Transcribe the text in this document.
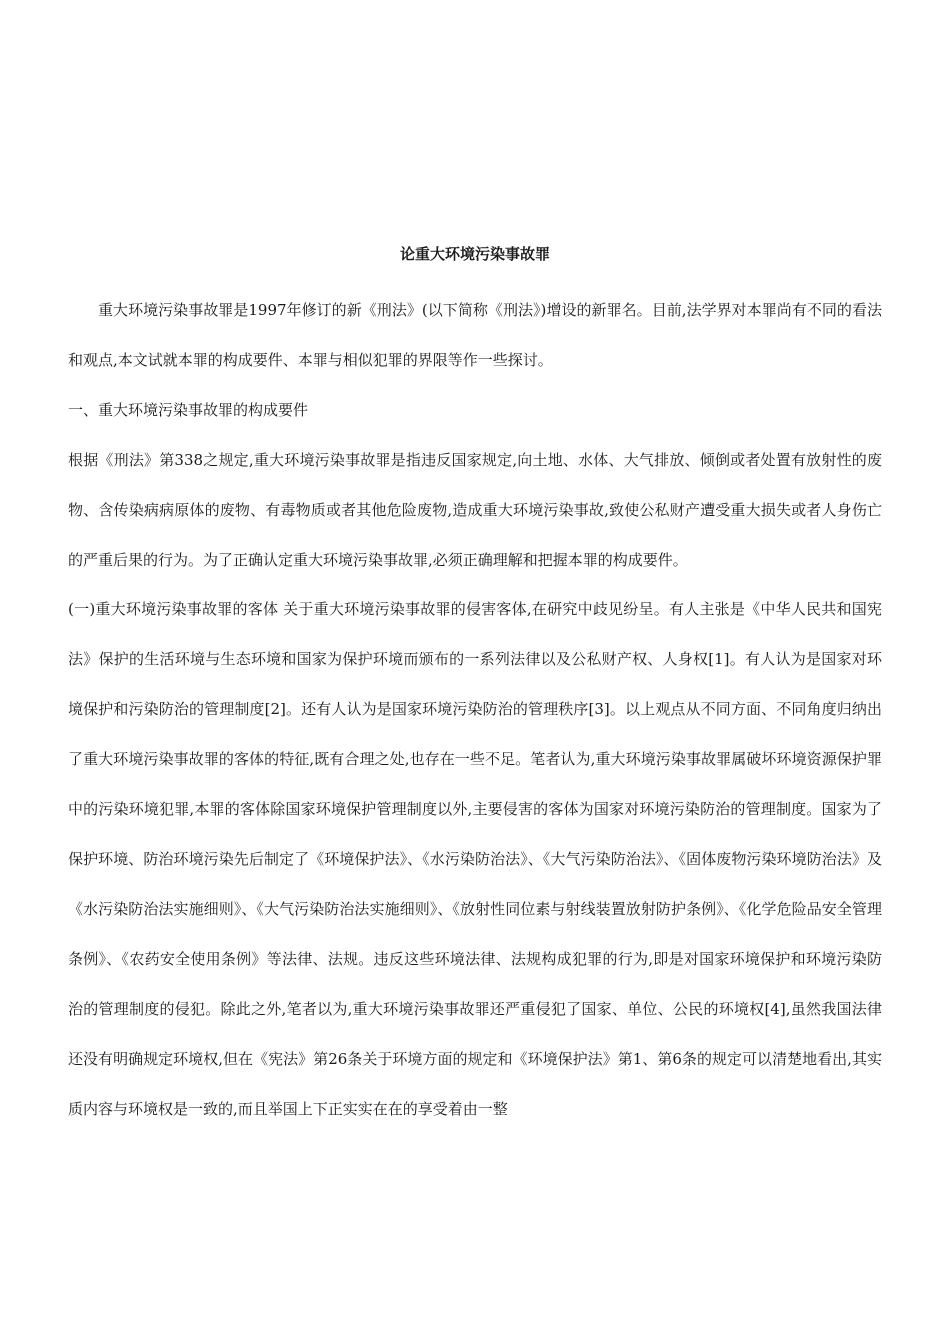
论重大环境污染事故罪

重大环境污染事故罪是1997年修订的新《刑法》(以下简称《刑法》)增设的新罪名。目前,法学界对本罪尚有不同的看法和观点,本文试就本罪的构成要件、本罪与相似犯罪的界限等作一些探讨。

一、重大环境污染事故罪的构成要件

根据《刑法》第338之规定,重大环境污染事故罪是指违反国家规定,向土地、水体、大气排放、倾倒或者处置有放射性的废物、含传染病病原体的废物、有毒物质或者其他危险废物,造成重大环境污染事故,致使公私财产遭受重大损失或者人身伤亡的严重后果的行为。为了正确认定重大环境污染事故罪,必须正确理解和把握本罪的构成要件。

(一)重大环境污染事故罪的客体 关于重大环境污染事故罪的侵害客体,在研究中歧见纷呈。有人主张是《中华人民共和国宪法》保护的生活环境与生态环境和国家为保护环境而颁布的一系列法律以及公私财产权、人身权[1]。有人认为是国家对环境保护和污染防治的管理制度[2]。还有人认为是国家环境污染防治的管理秩序[3]。以上观点从不同方面、不同角度归纳出了重大环境污染事故罪的客体的特征,既有合理之处,也存在一些不足。笔者认为,重大环境污染事故罪属破坏环境资源保护罪中的污染环境犯罪,本罪的客体除国家环境保护管理制度以外,主要侵害的客体为国家对环境污染防治的管理制度。国家为了保护环境、防治环境污染先后制定了《环境保护法》、《水污染防治法》、《大气污染防治法》、《固体废物污染环境防治法》及《水污染防治法实施细则》、《大气污染防治法实施细则》、《放射性同位素与射线装置放射防护条例》、《化学危险品安全管理条例》、《农药安全使用条例》等法律、法规。违反这些环境法律、法规构成犯罪的行为,即是对国家环境保护和环境污染防治的管理制度的侵犯。除此之外,笔者以为,重大环境污染事故罪还严重侵犯了国家、单位、公民的环境权[4],虽然我国法律还没有明确规定环境权,但在《宪法》第26条关于环境方面的规定和《环境保护法》第1、第6条的规定可以清楚地看出,其实质内容与环境权是一致的,而且举国上下正实实在在的享受着由一整
